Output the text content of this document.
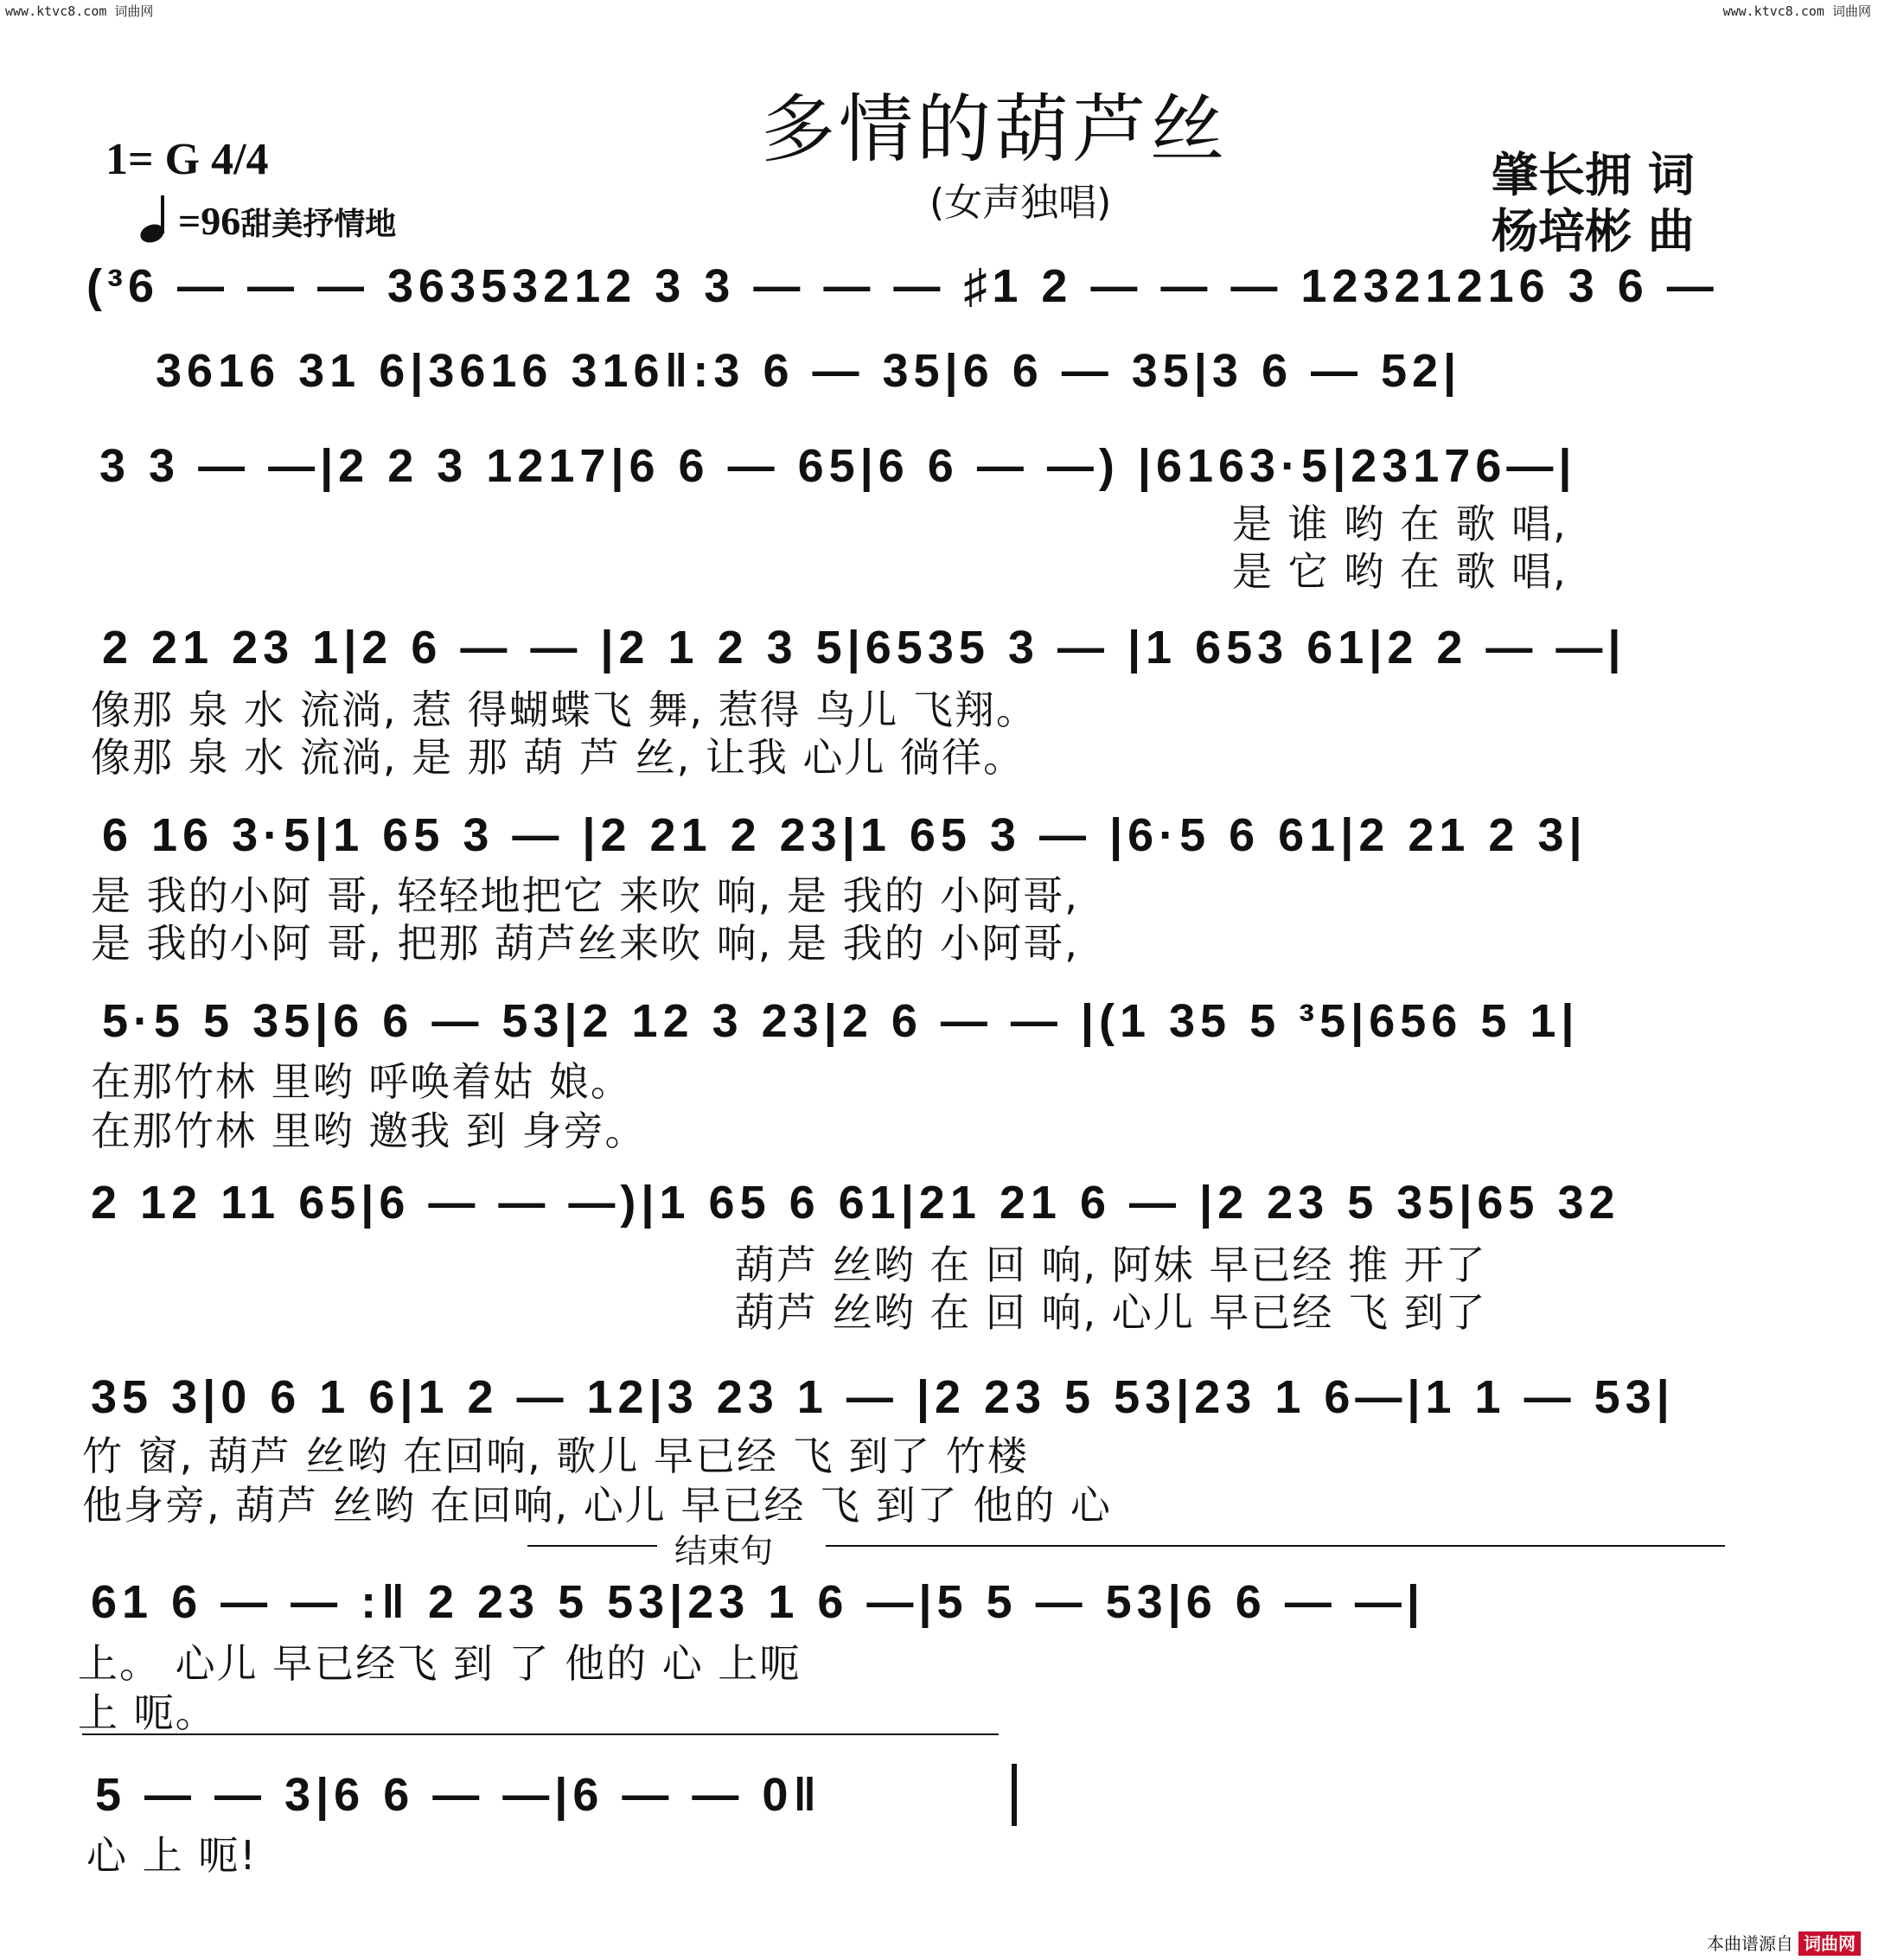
www.ktvc8.com 词曲网	www.ktvc8.com 词曲网
多情的葫芦丝
(女声独唱)
1= G 4/4
=96甜美抒情地
肇长拥 词
杨培彬 曲
(³6 — — — 36353212 3 3 — — — ♯1 2 — — — 12321216 3 6 —
3616 31 6|3616 316‖:3 6 — 35|6 6 — 35|3 6 — 52|
3 3 — —|2 2 3 1217|6 6 — 65|6 6 — —) |6163·5|23176—|
是 谁 哟 在 歌 唱,
是 它 哟 在 歌 唱,
2 21 23 1|2 6 — — |2 1 2 3 5|6535 3 — |1 653 61|2 2 — —|
像那 泉 水 流淌, 惹 得蝴蝶飞 舞, 惹得 鸟儿 飞翔。
像那 泉 水 流淌, 是 那 葫 芦 丝, 让我 心儿 徜徉。
6 16 3·5|1 65 3 — |2 21 2 23|1 65 3 — |6·5 6 61|2 21 2 3|
是 我的小阿 哥, 轻轻地把它 来吹 响, 是 我的 小阿哥,
是 我的小阿 哥, 把那 葫芦丝来吹 响, 是 我的 小阿哥,
5·5 5 35|6 6 — 53|2 12 3 23|2 6 — — |(1 35 5 ³5|656 5 1|
在那竹林 里哟 呼唤着姑 娘。
在那竹林 里哟 邀我 到 身旁。
2 12 11 65|6 — — —)|1 65 6 61|21 21 6 — |2 23 5 35|65 32
葫芦 丝哟 在 回 响, 阿妹 早已经 推 开了
葫芦 丝哟 在 回 响, 心儿 早已经 飞 到了
35 3|0 6 1 6|1 2 — 12|3 23 1 — |2 23 5 53|23 1 6—|1 1 — 53|
竹 窗, 葫芦 丝哟 在回响, 歌儿 早已经 飞 到了 竹楼
他身旁, 葫芦 丝哟 在回响, 心儿 早已经 飞 到了 他的 心
结束句
61 6 — — :‖ 2 23 5 53|23 1 6 —|5 5 — 53|6 6 — —|
上。 心儿 早已经飞 到 了 他的 心 上呃
上 呃。
5 — — 3|6 6 — —|6 — — 0‖
心 上 呃!
本曲谱源自 词曲网
